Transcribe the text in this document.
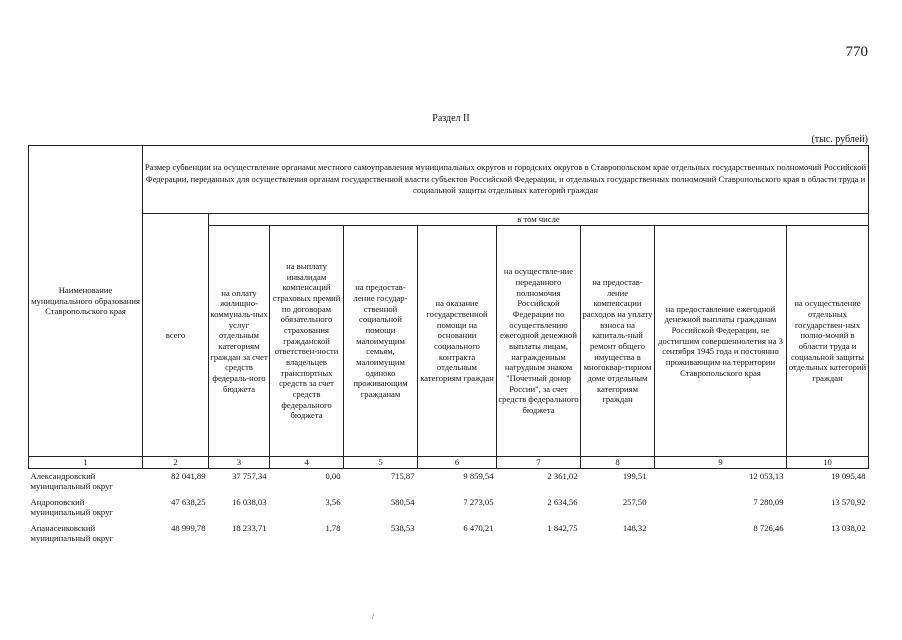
770
Раздел II
(тыс. рублей)
Наименование муниципального образования Ставропольского края	Размер субвенции на осуществление органами местного самоуправления муниципальных округов и городских округов в Ставропольском крае отдельных государственных полномочий Российской Федерации, переданных для осуществления органам государственной власти субъектов Российской Федерации, и отдельных государственных полномочий Ставропольского края в области труда и социальной защиты отдельных категорий граждан								
	всего	в том числе							
		на оплату жилищно-коммуналь-ных услуг отдельным категориям граждан за счет средств федераль-ного бюджета	на выплату инвалидам компенсаций страховых премий по договорам обязательного страхования гражданской ответствен-ности владельцев транспортных средств за счет средств федерального бюджета	на предостав-ление государ-ственной социальной помощи малоимущим семьям, малоимущим одиноко проживающим гражданам	на оказание государственной помощи на основании социального контракта отдельным категориям граждан	на осуществле-ние переданного полномочия Российской Федерации по осуществлению ежегодной денежной выплаты лицам, награжденным нагрудным знаком "Почетный донор России", за счет средств федерального бюджета	на предостав-ление компенсации расходов на уплату взноса на капиталь-ный ремонт общего имущества в многоквар-тирном доме отдельным категориям граждан	на предоставление ежегодной денежной выплаты гражданам Российской Федерации, не достигшим совершеннолетия на 3 сентября 1945 года и постоянно проживающим на территории Ставропольского края	на осуществление отдельных государствен-ных полно-мочий в области труда и социальной защиты отдельных категорий граждан
1	2	3	4	5	6	7	8	9	10
Александровский муниципальный округ	82 041,89	37 757,34	0,00	715,87	9 859,54	2 361,02	199,51	12 053,13	19 095,48
Андроповский муниципальный округ	47 638,25	16 038,03	3,56	580,54	7 273,05	2 634,56	257,50	7 280,09	13 570,92
Апанасенковский муниципальный округ	48 999,78	18 233,71	1,78	538,53	6 470,21	1 842,75	148,32	8 726,46	13 038,02
/
